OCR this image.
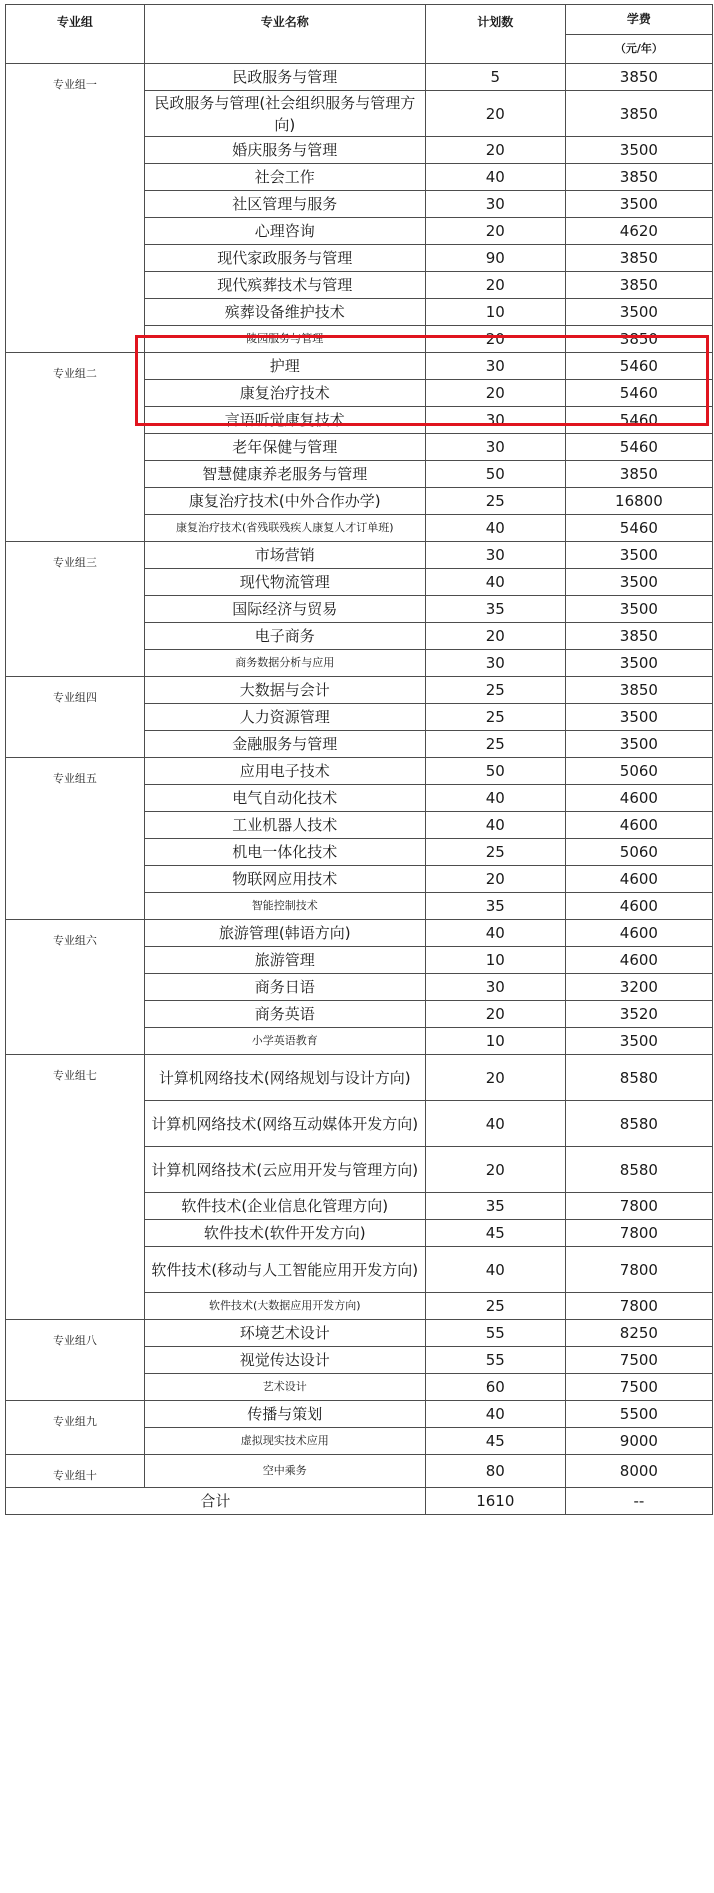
专业组	专业名称	计划数	学费
			（元/年）
专业组一	民政服务与管理	5	3850
	民政服务与管理(社会组织服务与管理方向)	20	3850
	婚庆服务与管理	20	3500
	社会工作	40	3850
	社区管理与服务	30	3500
	心理咨询	20	4620
	现代家政服务与管理	90	3850
	现代殡葬技术与管理	20	3850
	殡葬设备维护技术	10	3500
	陵园服务与管理	20	3850
专业组二	护理	30	5460
	康复治疗技术	20	5460
	言语听觉康复技术	30	5460
	老年保健与管理	30	5460
	智慧健康养老服务与管理	50	3850
	康复治疗技术(中外合作办学)	25	16800
	康复治疗技术(省残联残疾人康复人才订单班)	40	5460
专业组三	市场营销	30	3500
	现代物流管理	40	3500
	国际经济与贸易	35	3500
	电子商务	20	3850
	商务数据分析与应用	30	3500
专业组四	大数据与会计	25	3850
	人力资源管理	25	3500
	金融服务与管理	25	3500
专业组五	应用电子技术	50	5060
	电气自动化技术	40	4600
	工业机器人技术	40	4600
	机电一体化技术	25	5060
	物联网应用技术	20	4600
	智能控制技术	35	4600
专业组六	旅游管理(韩语方向)	40	4600
	旅游管理	10	4600
	商务日语	30	3200
	商务英语	20	3520
	小学英语教育	10	3500
专业组七	计算机网络技术(网络规划与设计方向)	20	8580
	计算机网络技术(网络互动媒体开发方向)	40	8580
	计算机网络技术(云应用开发与管理方向)	20	8580
	软件技术(企业信息化管理方向)	35	7800
	软件技术(软件开发方向)	45	7800
	软件技术(移动与人工智能应用开发方向)	40	7800
	软件技术(大数据应用开发方向)	25	7800
专业组八	环境艺术设计	55	8250
	视觉传达设计	55	7500
	艺术设计	60	7500
专业组九	传播与策划	40	5500
	虚拟现实技术应用	45	9000
专业组十	空中乘务	80	8000
合计		1610	--
